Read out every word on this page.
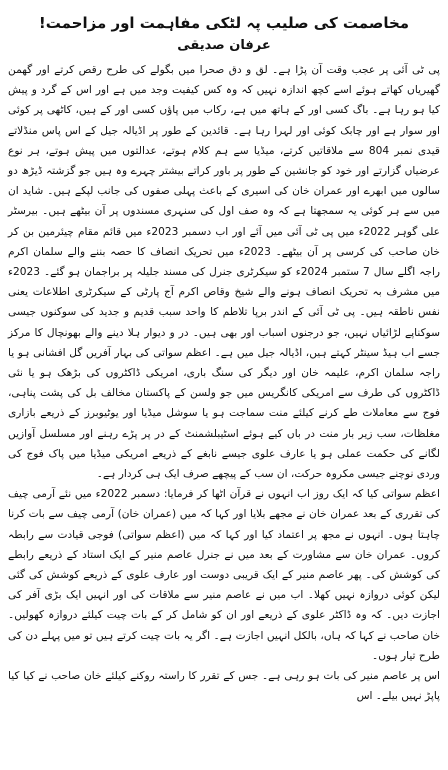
مخاصمت کی صلیب پہ لٹکی مفاہمت اور مزاحمت!
عرفان صدیقی

پی ٹی آئی پر عجب وقت آن پڑا ہے۔ لق و دق صحرا میں بگولے کی طرح رقص کرتے اور گھمن گھیریاں کھاتے ہوئے اسے کچھ اندازہ نہیں کہ وہ کس کیفیت وجد میں ہے اور اس کے گرد و پیش کیا ہو رہا ہے۔ باگ کسی اور کے ہاتھ میں ہے، رکاب میں پاؤں کسی اور کے ہیں، کاٹھی پر کوئی اور سوار ہے اور چابک کوئی اور لہرا رہا ہے۔ قائدین کے طور پر اڈیالہ جیل کے اس پاس منڈلاتے قیدی نمبر 804 سے ملاقاتیں کرتے، میڈیا سے ہم کلام ہوتے، عدالتوں میں پیش ہوتے، ہر نوع عرضیاں گزارتے اور خود کو جانشین کے طور پر باور کراتے بیشتر چہرے وہ ہیں جو گزشتہ ڈیڑھ دو سالوں میں ابھرے اور عمران خان کی اسیری کے باعث پہلی صفوں کی جانب لپکے ہیں۔ شاید ان میں سے ہر کوئی یہ سمجھتا ہے کہ وہ صف اول کی سنہری مسندوں پر آن بیٹھے ہیں۔ بیرسٹر علی گوہر 2022ء میں پی ٹی آئی میں آئے اور اب دسمبر 2023ء میں قائم مقام چیئرمین بن کر خان صاحب کی کرسی پر آن بیٹھے۔ 2023ء میں تحریک انصاف کا حصہ بننے والے سلمان اکرم راجہ اگلے سال 7 ستمبر 2024ء کو سیکرٹری جنرل کی مسند جلیلہ پر براجمان ہو گئے۔ 2023ء میں مشرف بہ تحریک انصاف ہونے والے شیخ وقاص اکرم آج پارٹی کے سیکرٹری اطلاعات یعنی نفس ناطقہ ہیں۔ پی ٹی آئی کے اندر برپا تلاطم کا واحد سبب قدیم و جدید کی سوکنوں جیسی سوکناپے لڑائیاں نہیں، جو درجنوں اسباب اور بھی ہیں۔ در و دیوار ہلا دینے والے بھونچال کا مرکز جسے اب ہیڈ سینٹر کہتے ہیں، اڈیالہ جیل میں ہے۔ اعظم سواتی کی بہار آفریں گل افشانی ہو یا راجہ سلمان اکرم، علیمہ خان اور دیگر کی سنگ باری، امریکی ڈاکٹروں کی بڑھک ہو یا نئی ڈاکٹروں کی طرف سے امریکی کانگریس میں جو ولسن کے پاکستان مخالف بل کی پشت پناہی، فوج سے معاملات طے کرنے کیلئے منت سماجت ہو یا سوشل میڈیا اور یوٹیوبرز کے ذریعے بازاری مغلظات، سب زیر بار منت در باں کیے ہوئے اسٹیبلشمنٹ کے در پر پڑے رہنے اور مسلسل آوازیں لگانے کی حکمت عملی ہو یا عارف علوی جیسے نابغے کے ذریعے امریکی میڈیا میں پاک فوج کی وردی نوچنے جیسی مکروہ حرکت، ان سب کے پیچھے صرف ایک ہی کردار ہے۔

اعظم سواتی کیا کہ ایک روز اب انہوں نے قرآن اٹھا کر فرمایا: دسمبر 2022ء میں نئے آرمی چیف کی تقرری کے بعد عمران خان نے مجھے بلایا اور کہا کہ میں (عمران خان) آرمی چیف سے بات کرنا چاہتا ہوں۔ انہوں نے مجھ پر اعتماد کیا اور کہا کہ میں (اعظم سواتی) فوجی قیادت سے رابطہ کروں۔ عمران خان سے مشاورت کے بعد میں نے جنرل عاصم منیر کے ایک استاد کے ذریعے رابطے کی کوشش کی۔ پھر عاصم منیر کے ایک قریبی دوست اور عارف علوی کے ذریعے کوشش کی گئی لیکن کوئی دروازہ نہیں کھلا۔ اب میں نے عاصم منیر سے ملاقات کی اور انہیں ایک بڑی آفر کی اجازت دیں۔ کہ وہ ڈاکٹر علوی کے ذریعے اور ان کو شامل کر کے بات چیت کیلئے دروازہ کھولیں۔ خان صاحب نے کہا کہ ہاں، بالکل انہیں اجازت ہے۔ اگر یہ بات چیت کرتے ہیں تو میں پہلے دن کی طرح تیار ہوں۔

اس پر عاصم منیر کی بات ہو رہی ہے۔ جس کے تقرر کا راستہ روکنے کیلئے خان صاحب نے کیا کیا پاپڑ نہیں بیلے۔ اس
